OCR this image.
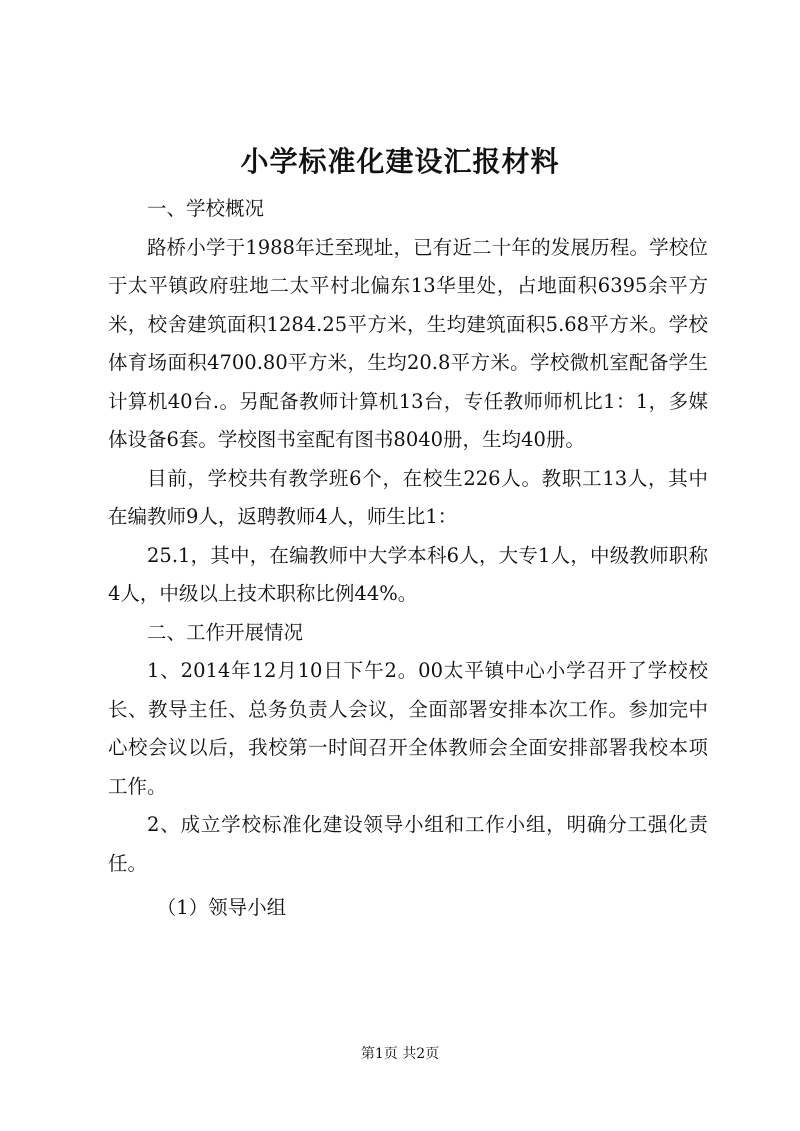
小学标准化建设汇报材料

一、学校概况

路桥小学于1988年迁至现址，已有近二十年的发展历程。学校位于太平镇政府驻地二太平村北偏东13华里处，占地面积6395余平方米，校舍建筑面积1284.25平方米，生均建筑面积5.68平方米。学校体育场面积4700.80平方米，生均20.8平方米。学校微机室配备学生计算机40台.。另配备教师计算机13台，专任教师师机比1：1，多媒体设备6套。学校图书室配有图书8040册，生均40册。

目前，学校共有教学班6个，在校生226人。教职工13人，其中在编教师9人，返聘教师4人，师生比1：

25.1，其中，在编教师中大学本科6人，大专1人，中级教师职称4人，中级以上技术职称比例44%。

二、工作开展情况

1、2014年12月10日下午2。00太平镇中心小学召开了学校校长、教导主任、总务负责人会议，全面部署安排本次工作。参加完中心校会议以后，我校第一时间召开全体教师会全面安排部署我校本项工作。

2、成立学校标准化建设领导小组和工作小组，明确分工强化责任。

（1）领导小组

第1页 共2页
